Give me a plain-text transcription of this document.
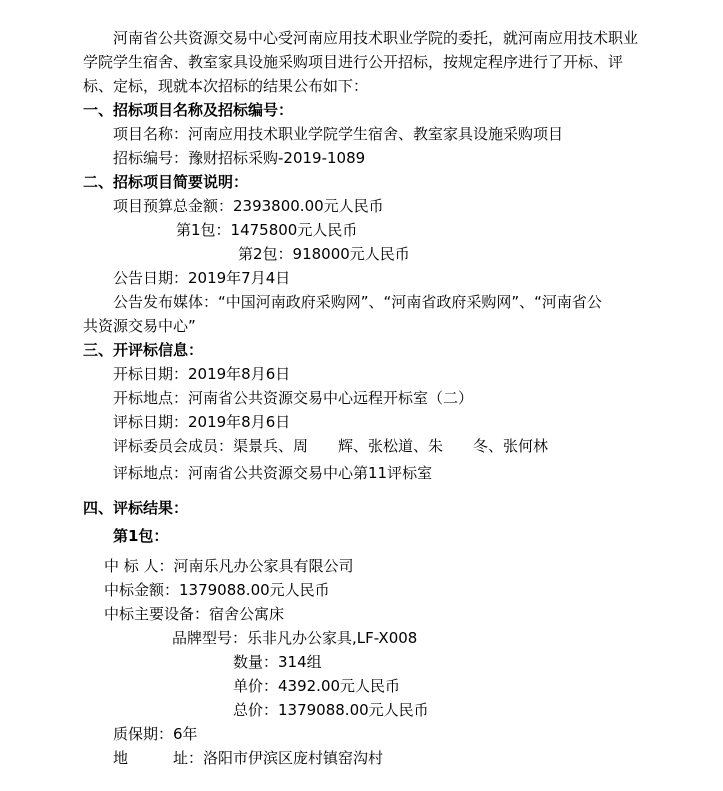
河南省公共资源交易中心受河南应用技术职业学院的委托，就河南应用技术职业
学院学生宿舍、教室家具设施采购项目进行公开招标，按规定程序进行了开标、评
标、定标，现就本次招标的结果公布如下：
一、招标项目名称及招标编号：
项目名称：河南应用技术职业学院学生宿舍、教室家具设施采购项目
招标编号：豫财招标采购-2019-1089
二、招标项目简要说明：
项目预算总金额：2393800.00元人民币
第1包：1475800元人民币
第2包：918000元人民币
公告日期：2019年7月4日
公告发布媒体：“中国河南政府采购网”、“河南省政府采购网”、“河南省公
共资源交易中心”
三、开评标信息：
开标日期：2019年8月6日
开标地点：河南省公共资源交易中心远程开标室（二）
评标日期：2019年8月6日
评标委员会成员：渠景兵、周　　辉、张松道、朱　　冬、张何林
评标地点：河南省公共资源交易中心第11评标室
四、评标结果：
第1包：
中 标 人：河南乐凡办公家具有限公司
中标金额：1379088.00元人民币
中标主要设备：宿舍公寓床
品牌型号：乐非凡办公家具,LF-X008
数量：314组
单价：4392.00元人民币
总价：1379088.00元人民币
质保期：6年
地　　　址：洛阳市伊滨区庞村镇窑沟村
